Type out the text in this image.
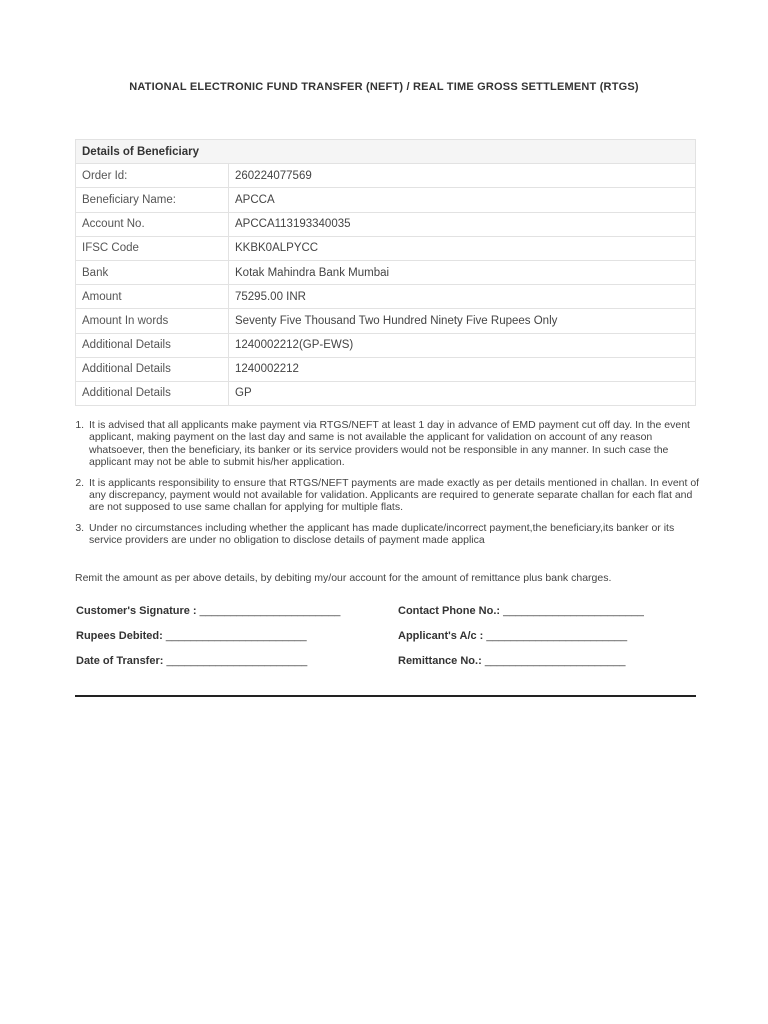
NATIONAL ELECTRONIC FUND TRANSFER (NEFT) / REAL TIME GROSS SETTLEMENT (RTGS)
Details of Beneficiary	
Order Id:	260224077569
Beneficiary Name:	APCCA
Account No.	APCCA113193340035
IFSC Code	KKBK0ALPYCC
Bank	Kotak Mahindra Bank Mumbai
Amount	75295.00 INR
Amount In words	Seventy Five Thousand Two Hundred Ninety Five Rupees Only
Additional Details	1240002212(GP-EWS)
Additional Details	1240002212
Additional Details	GP
1. It is advised that all applicants make payment via RTGS/NEFT at least 1 day in advance of EMD payment cut off day. In the event applicant, making payment on the last day and same is not available the applicant for validation on account of any reason whatsoever, then the beneficiary, its banker or its service providers would not be responsible in any manner. In such case the applicant may not be able to submit his/her application.
2. It is applicants responsibility to ensure that RTGS/NEFT payments are made exactly as per details mentioned in challan. In event of any discrepancy, payment would not available for validation. Applicants are required to generate separate challan for each flat and are not supposed to use same challan for applying for multiple flats.
3. Under no circumstances including whether the applicant has made duplicate/incorrect payment,the beneficiary,its banker or its service providers are under no obligation to disclose details of payment made applica
Remit the amount as per above details, by debiting my/our account for the amount of remittance plus bank charges.
Customer's Signature : _______________________	Contact Phone No.: _______________________
Rupees Debited: _______________________	Applicant's A/c : _______________________
Date of Transfer: _______________________	Remittance No.: _______________________
